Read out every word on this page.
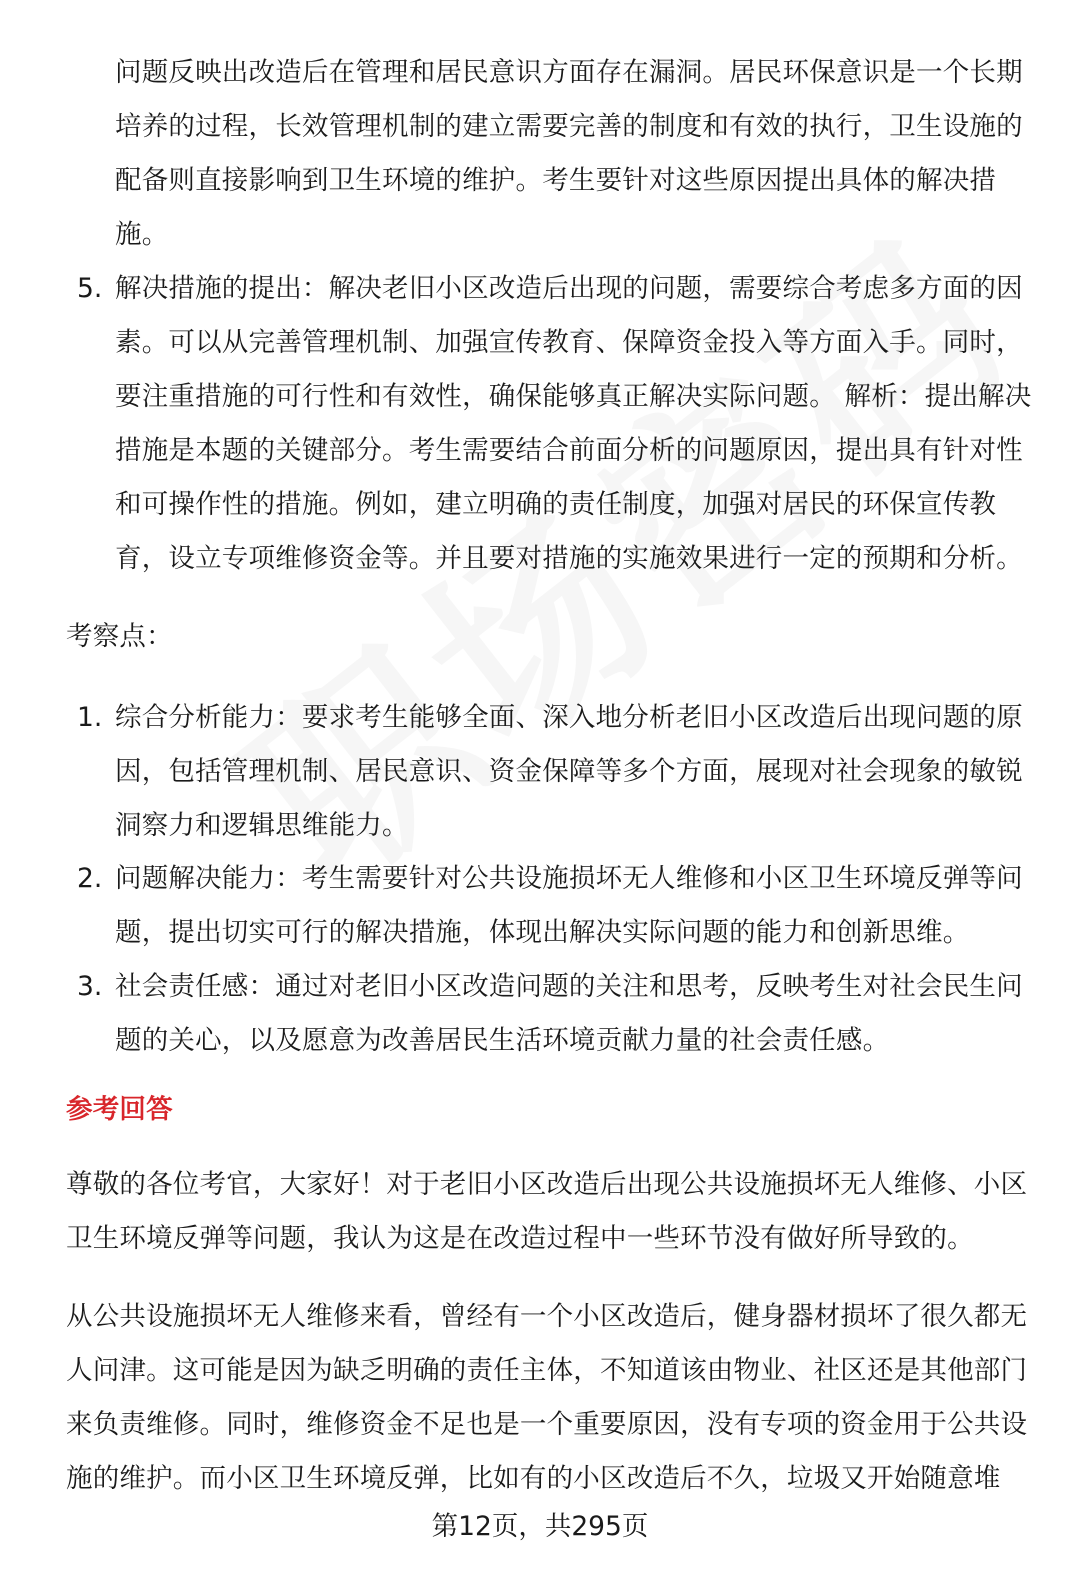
问题反映出改造后在管理和居民意识方面存在漏洞。居民环保意识是一个长期
培养的过程，长效管理机制的建立需要完善的制度和有效的执行，卫生设施的
配备则直接影响到卫生环境的维护。考生要针对这些原因提出具体的解决措
施。
5. 解决措施的提出：解决老旧小区改造后出现的问题，需要综合考虑多方面的因
素。可以从完善管理机制、加强宣传教育、保障资金投入等方面入手。同时，
要注重措施的可行性和有效性，确保能够真正解决实际问题。 解析：提出解决
措施是本题的关键部分。考生需要结合前面分析的问题原因，提出具有针对性
和可操作性的措施。例如，建立明确的责任制度，加强对居民的环保宣传教
育，设立专项维修资金等。并且要对措施的实施效果进行一定的预期和分析。
考察点：
1. 综合分析能力：要求考生能够全面、深入地分析老旧小区改造后出现问题的原
因，包括管理机制、居民意识、资金保障等多个方面，展现对社会现象的敏锐
洞察力和逻辑思维能力。
2. 问题解决能力：考生需要针对公共设施损坏无人维修和小区卫生环境反弹等问
题，提出切实可行的解决措施，体现出解决实际问题的能力和创新思维。
3. 社会责任感：通过对老旧小区改造问题的关注和思考，反映考生对社会民生问
题的关心，以及愿意为改善居民生活环境贡献力量的社会责任感。
参考回答
尊敬的各位考官，大家好！对于老旧小区改造后出现公共设施损坏无人维修、小区
卫生环境反弹等问题，我认为这是在改造过程中一些环节没有做好所导致的。
从公共设施损坏无人维修来看，曾经有一个小区改造后，健身器材损坏了很久都无
人问津。这可能是因为缺乏明确的责任主体，不知道该由物业、社区还是其他部门
来负责维修。同时，维修资金不足也是一个重要原因，没有专项的资金用于公共设
施的维护。而小区卫生环境反弹，比如有的小区改造后不久，垃圾又开始随意堆
第12页，共295页
